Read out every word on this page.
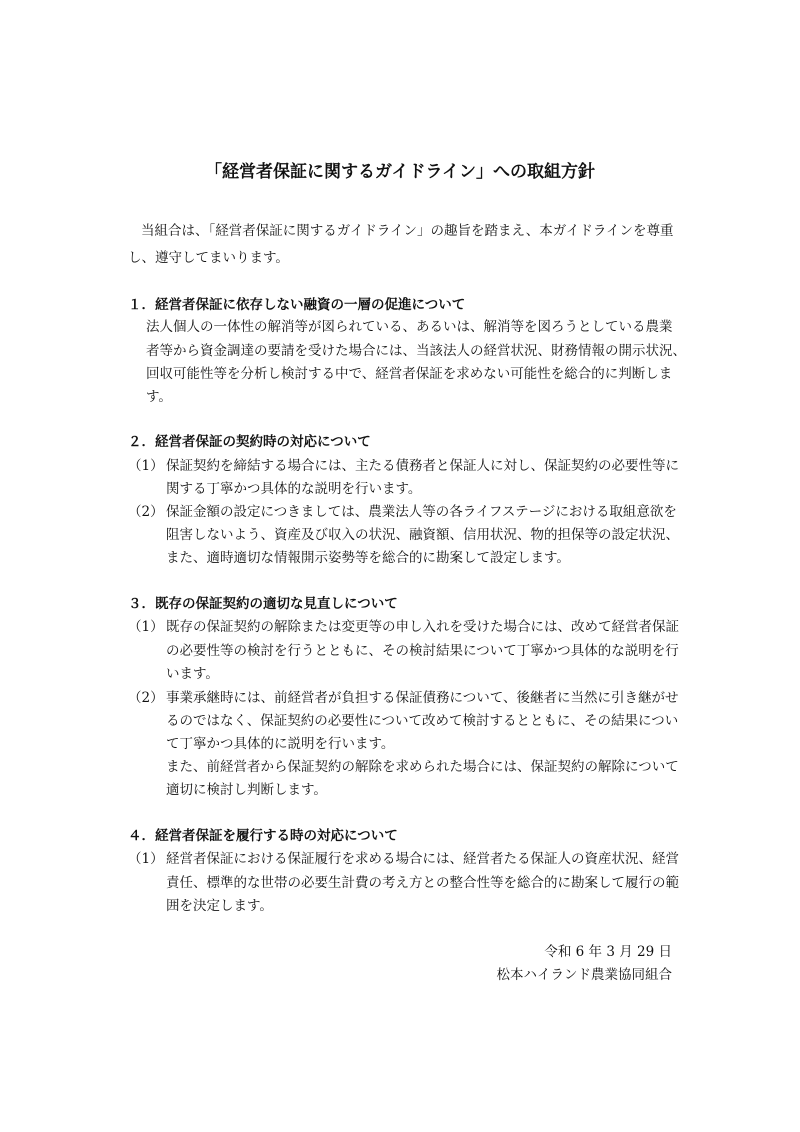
「経営者保証に関するガイドライン」への取組方針
当組合は、「経営者保証に関するガイドライン」の趣旨を踏まえ、本ガイドラインを尊重
し、遵守してまいります。
１．経営者保証に依存しない融資の一層の促進について
法人個人の一体性の解消等が図られている、あるいは、解消等を図ろうとしている農業
者等から資金調達の要請を受けた場合には、当該法人の経営状況、財務情報の開示状況、
回収可能性等を分析し検討する中で、経営者保証を求めない可能性を総合的に判断しま
す。
２．経営者保証の契約時の対応について
（1） 保証契約を締結する場合には、主たる債務者と保証人に対し、保証契約の必要性等に
関する丁寧かつ具体的な説明を行います。
（2） 保証金額の設定につきましては、農業法人等の各ライフステージにおける取組意欲を
阻害しないよう、資産及び収入の状況、融資額、信用状況、物的担保等の設定状況、
また、適時適切な情報開示姿勢等を総合的に勘案して設定します。
３．既存の保証契約の適切な見直しについて
（1） 既存の保証契約の解除または変更等の申し入れを受けた場合には、改めて経営者保証
の必要性等の検討を行うとともに、その検討結果について丁寧かつ具体的な説明を行
います。
（2） 事業承継時には、前経営者が負担する保証債務について、後継者に当然に引き継がせ
るのではなく、保証契約の必要性について改めて検討するとともに、その結果につい
て丁寧かつ具体的に説明を行います。
また、前経営者から保証契約の解除を求められた場合には、保証契約の解除について
適切に検討し判断します。
４．経営者保証を履行する時の対応について
（1） 経営者保証における保証履行を求める場合には、経営者たる保証人の資産状況、経営
責任、標準的な世帯の必要生計費の考え方との整合性等を総合的に勘案して履行の範
囲を決定します。
令和 6 年 3 月 29 日
松本ハイランド農業協同組合
